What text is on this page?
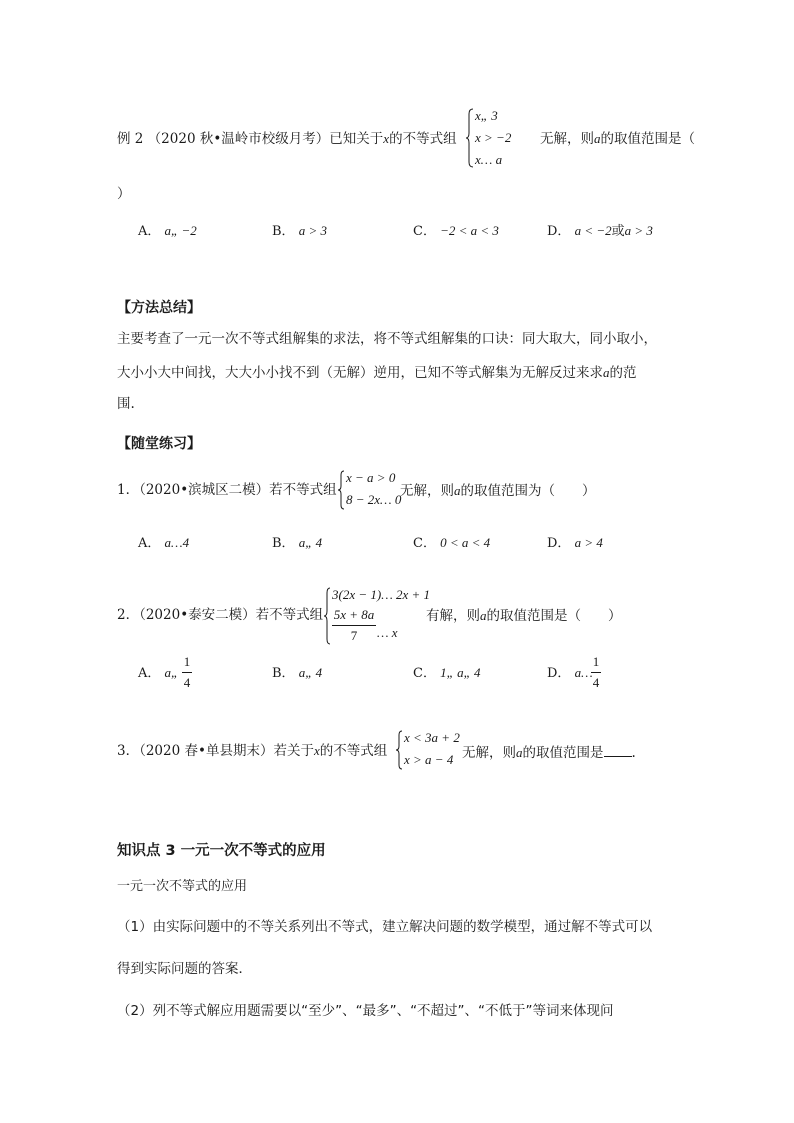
例 2 （2020 秋•温岭市校级月考）已知关于x的不等式组
x„ 3
x > −2
x… a
无解，则a的取值范围是（
）
A． a„ −2	B． a > 3	C． −2 < a < 3	D． a < −2或a > 3
【方法总结】
主要考查了一元一次不等式组解集的求法，将不等式组解集的口诀：同大取大，同小取小，
大小小大中间找，大大小小找不到（无解）逆用，已知不等式解集为无解反过来求a的范
围.
【随堂练习】
1．（2020•滨城区二模）若不等式组
x − a > 0
8 − 2x… 0
无解，则a的取值范围为（　　）
A． a…4	B． a„ 4	C． 0 < a < 4	D． a > 4
2．（2020•泰安二模）若不等式组
3(2x − 1)… 2x + 1
5x + 8a
7	… x
有解，则a的取值范围是（　　）
A． a„
1
4
B． a„ 4	C． 1„ a„ 4	D． a…
1
4
3．（2020 春•单县期末）若关于x的不等式组
x < 3a + 2
x > a − 4 无解，则a的取值范围是 .
知识点 3 一元一次不等式的应用
一元一次不等式的应用
（1）由实际问题中的不等关系列出不等式，建立解决问题的数学模型，通过解不等式可以
得到实际问题的答案．
（2）列不等式解应用题需要以“至少”、“最多”、“不超过”、“不低于”等词来体现问
